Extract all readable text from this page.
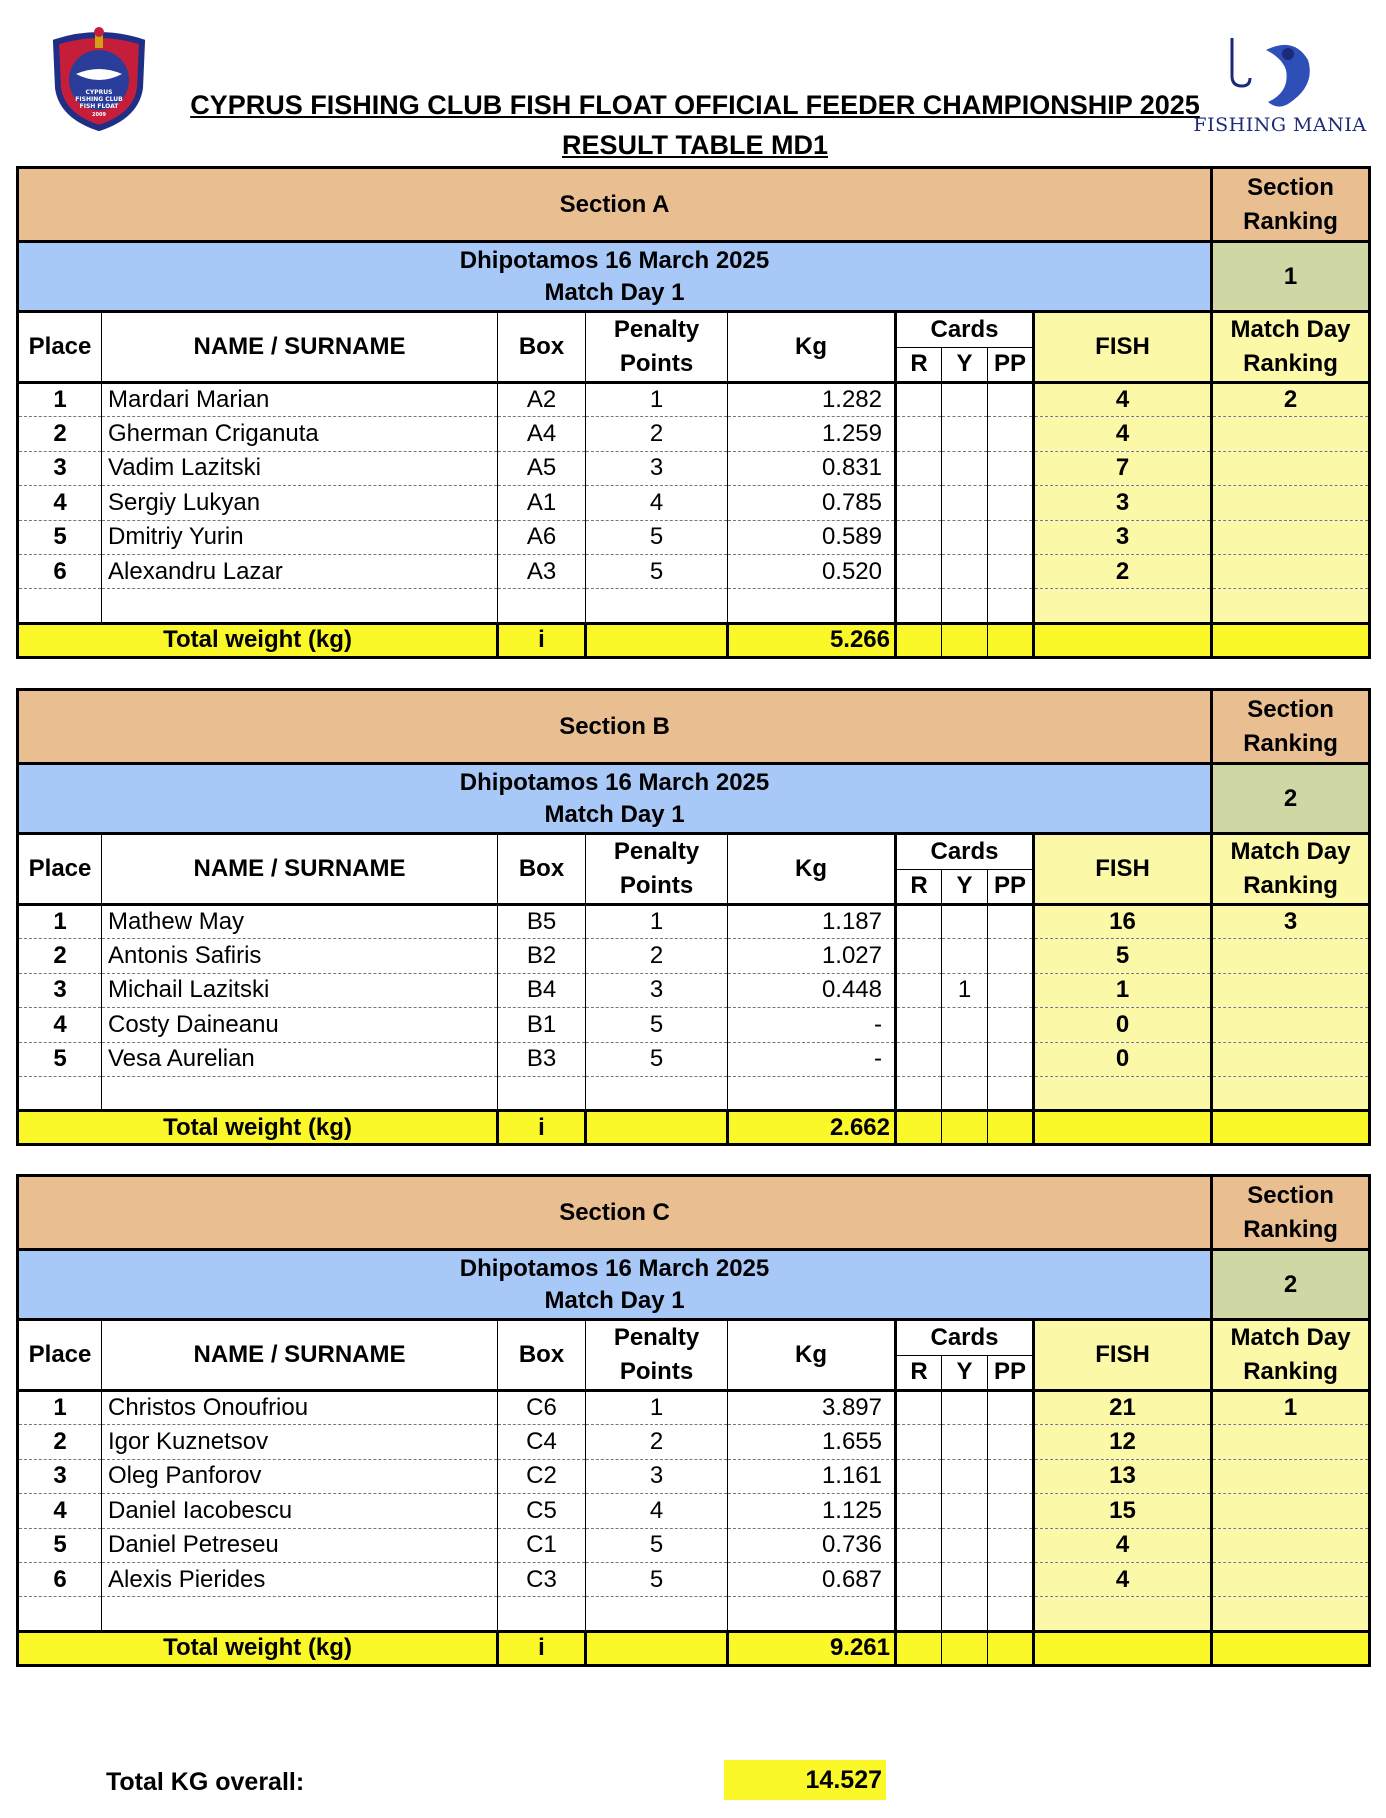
CYPRUS
FISHING CLUB
FISH FLOAT
2009	FISHING MANIA
CYPRUS FISHING CLUB FISH FLOAT OFFICIAL FEEDER CHAMPIONSHIP 2025
RESULT TABLE MD1
Section A									Section
Ranking
Dhipotamos 16 March 2025
Match Day 1									1
Place	NAME / SURNAME	Box	Penalty
Points	Kg	Cards			FISH	Match Day
Ranking
					R	Y	PP		
1	Mardari Marian	A2	1	1.282				4	2
2	Gherman Criganuta	A4	2	1.259				4	
3	Vadim Lazitski	A5	3	0.831				7	
4	Sergiy Lukyan	A1	4	0.785				3	
5	Dmitriy Yurin	A6	5	0.589				3	
6	Alexandru Lazar	A3	5	0.520				2	

Total weight (kg)		i		5.266					
Section B									Section
Ranking
Dhipotamos 16 March 2025
Match Day 1									2
Place	NAME / SURNAME	Box	Penalty
Points	Kg	Cards			FISH	Match Day
Ranking
					R	Y	PP		
1	Mathew May	B5	1	1.187				16	3
2	Antonis Safiris	B2	2	1.027				5	
3	Michail Lazitski	B4	3	0.448		1		1	
4	Costy Daineanu	B1	5	-				0	
5	Vesa Aurelian	B3	5	-				0	

Total weight (kg)		i		2.662					
Section C									Section
Ranking
Dhipotamos 16 March 2025
Match Day 1									2
Place	NAME / SURNAME	Box	Penalty
Points	Kg	Cards			FISH	Match Day
Ranking
					R	Y	PP		
1	Christos Onoufriou	C6	1	3.897				21	1
2	Igor Kuznetsov	C4	2	1.655				12	
3	Oleg Panforov	C2	3	1.161				13	
4	Daniel Iacobescu	C5	4	1.125				15	
5	Daniel Petreseu	C1	5	0.736				4	
6	Alexis Pierides	C3	5	0.687				4	

Total weight (kg)		i		9.261					
Total KG overall:	14.527
